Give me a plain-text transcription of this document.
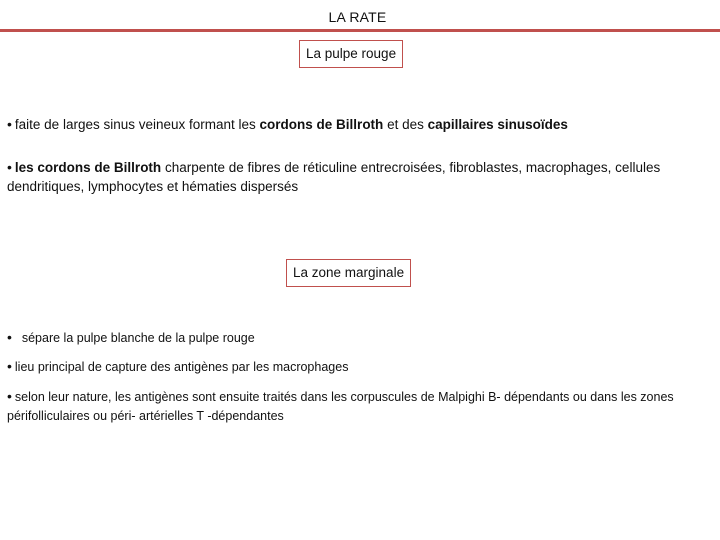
LA RATE
La pulpe rouge
• faite de larges sinus veineux formant les cordons de Billroth et des capillaires sinusoïdes
• les cordons de Billroth charpente de fibres de réticuline entrecroisées, fibroblastes, macrophages, cellules dendritiques, lymphocytes et hématies dispersés
La zone marginale
• sépare la pulpe blanche de la pulpe rouge
• lieu principal de capture des antigènes par les macrophages
• selon leur nature, les antigènes sont ensuite traités dans les corpuscules de Malpighi B- dépendants ou dans les zones périfolliculaires ou péri- artérielles T -dépendantes
